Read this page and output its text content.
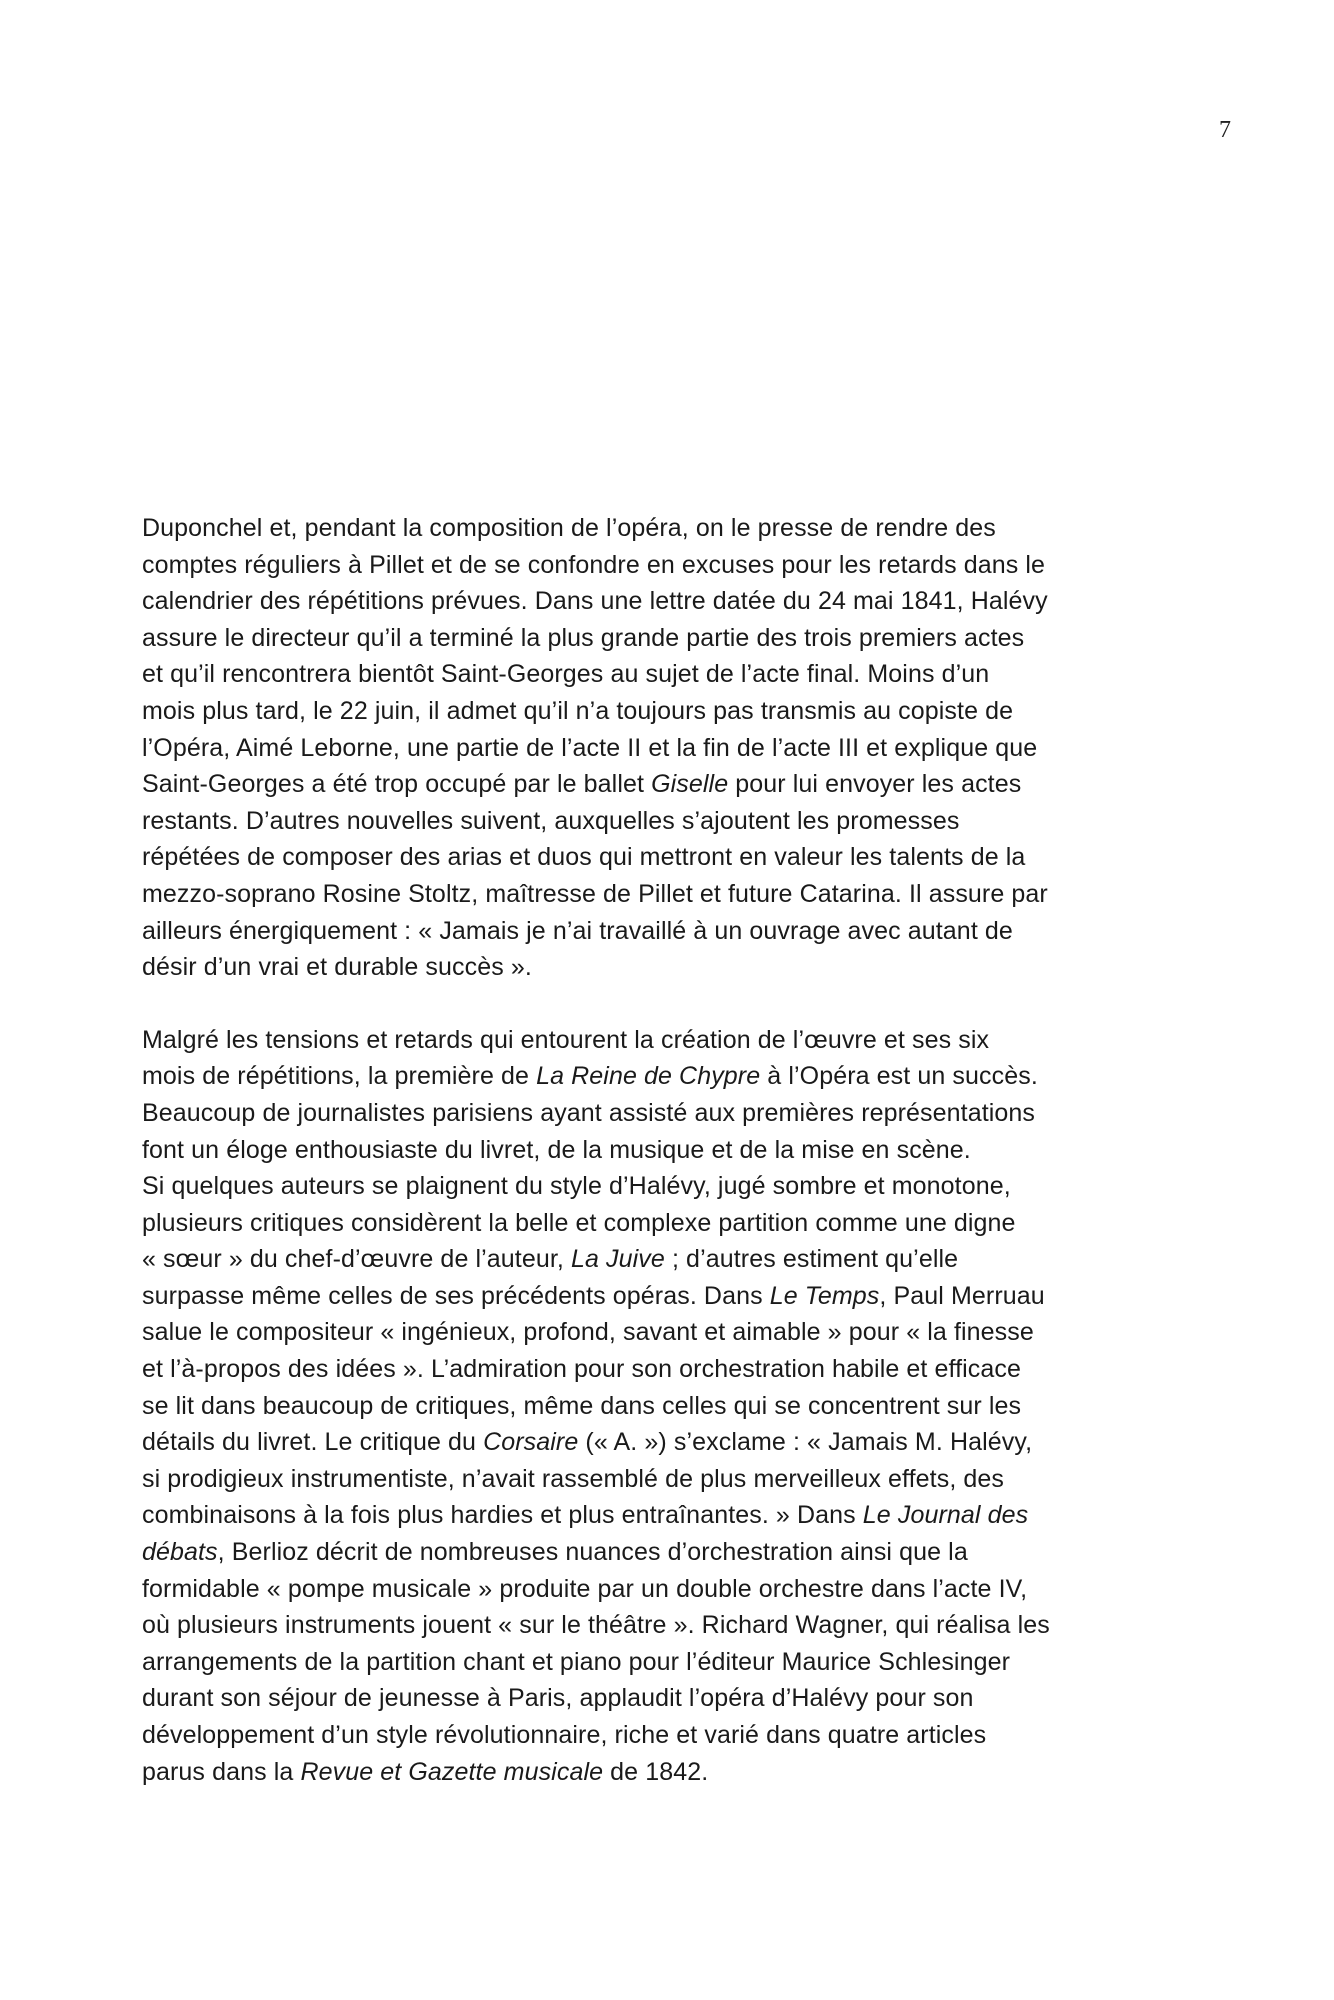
7

Duponchel et, pendant la composition de l’opéra, on le presse de rendre des
comptes réguliers à Pillet et de se confondre en excuses pour les retards dans le
calendrier des répétitions prévues. Dans une lettre datée du 24 mai 1841, Halévy
assure le directeur qu’il a terminé la plus grande partie des trois premiers actes
et qu’il rencontrera bientôt Saint-Georges au sujet de l’acte final. Moins d’un
mois plus tard, le 22 juin, il admet qu’il n’a toujours pas transmis au copiste de
l’Opéra, Aimé Leborne, une partie de l’acte II et la fin de l’acte III et explique que
Saint-Georges a été trop occupé par le ballet Giselle pour lui envoyer les actes
restants. D’autres nouvelles suivent, auxquelles s’ajoutent les promesses
répétées de composer des arias et duos qui mettront en valeur les talents de la
mezzo-soprano Rosine Stoltz, maîtresse de Pillet et future Catarina. Il assure par
ailleurs énergiquement : « Jamais je n’ai travaillé à un ouvrage avec autant de
désir d’un vrai et durable succès ».

Malgré les tensions et retards qui entourent la création de l’œuvre et ses six
mois de répétitions, la première de La Reine de Chypre à l’Opéra est un succès.
Beaucoup de journalistes parisiens ayant assisté aux premières représentations
font un éloge enthousiaste du livret, de la musique et de la mise en scène.
Si quelques auteurs se plaignent du style d’Halévy, jugé sombre et monotone,
plusieurs critiques considèrent la belle et complexe partition comme une digne
« sœur » du chef-d’œuvre de l’auteur, La Juive ; d’autres estiment qu’elle
surpasse même celles de ses précédents opéras. Dans Le Temps, Paul Merruau
salue le compositeur « ingénieux, profond, savant et aimable » pour « la finesse
et l’à-propos des idées ». L’admiration pour son orchestration habile et efficace
se lit dans beaucoup de critiques, même dans celles qui se concentrent sur les
détails du livret. Le critique du Corsaire (« A. ») s’exclame : « Jamais M. Halévy,
si prodigieux instrumentiste, n’avait rassemblé de plus merveilleux effets, des
combinaisons à la fois plus hardies et plus entraînantes. » Dans Le Journal des
débats, Berlioz décrit de nombreuses nuances d’orchestration ainsi que la
formidable « pompe musicale » produite par un double orchestre dans l’acte IV,
où plusieurs instruments jouent « sur le théâtre ». Richard Wagner, qui réalisa les
arrangements de la partition chant et piano pour l’éditeur Maurice Schlesinger
durant son séjour de jeunesse à Paris, applaudit l’opéra d’Halévy pour son
développement d’un style révolutionnaire, riche et varié dans quatre articles
parus dans la Revue et Gazette musicale de 1842.
